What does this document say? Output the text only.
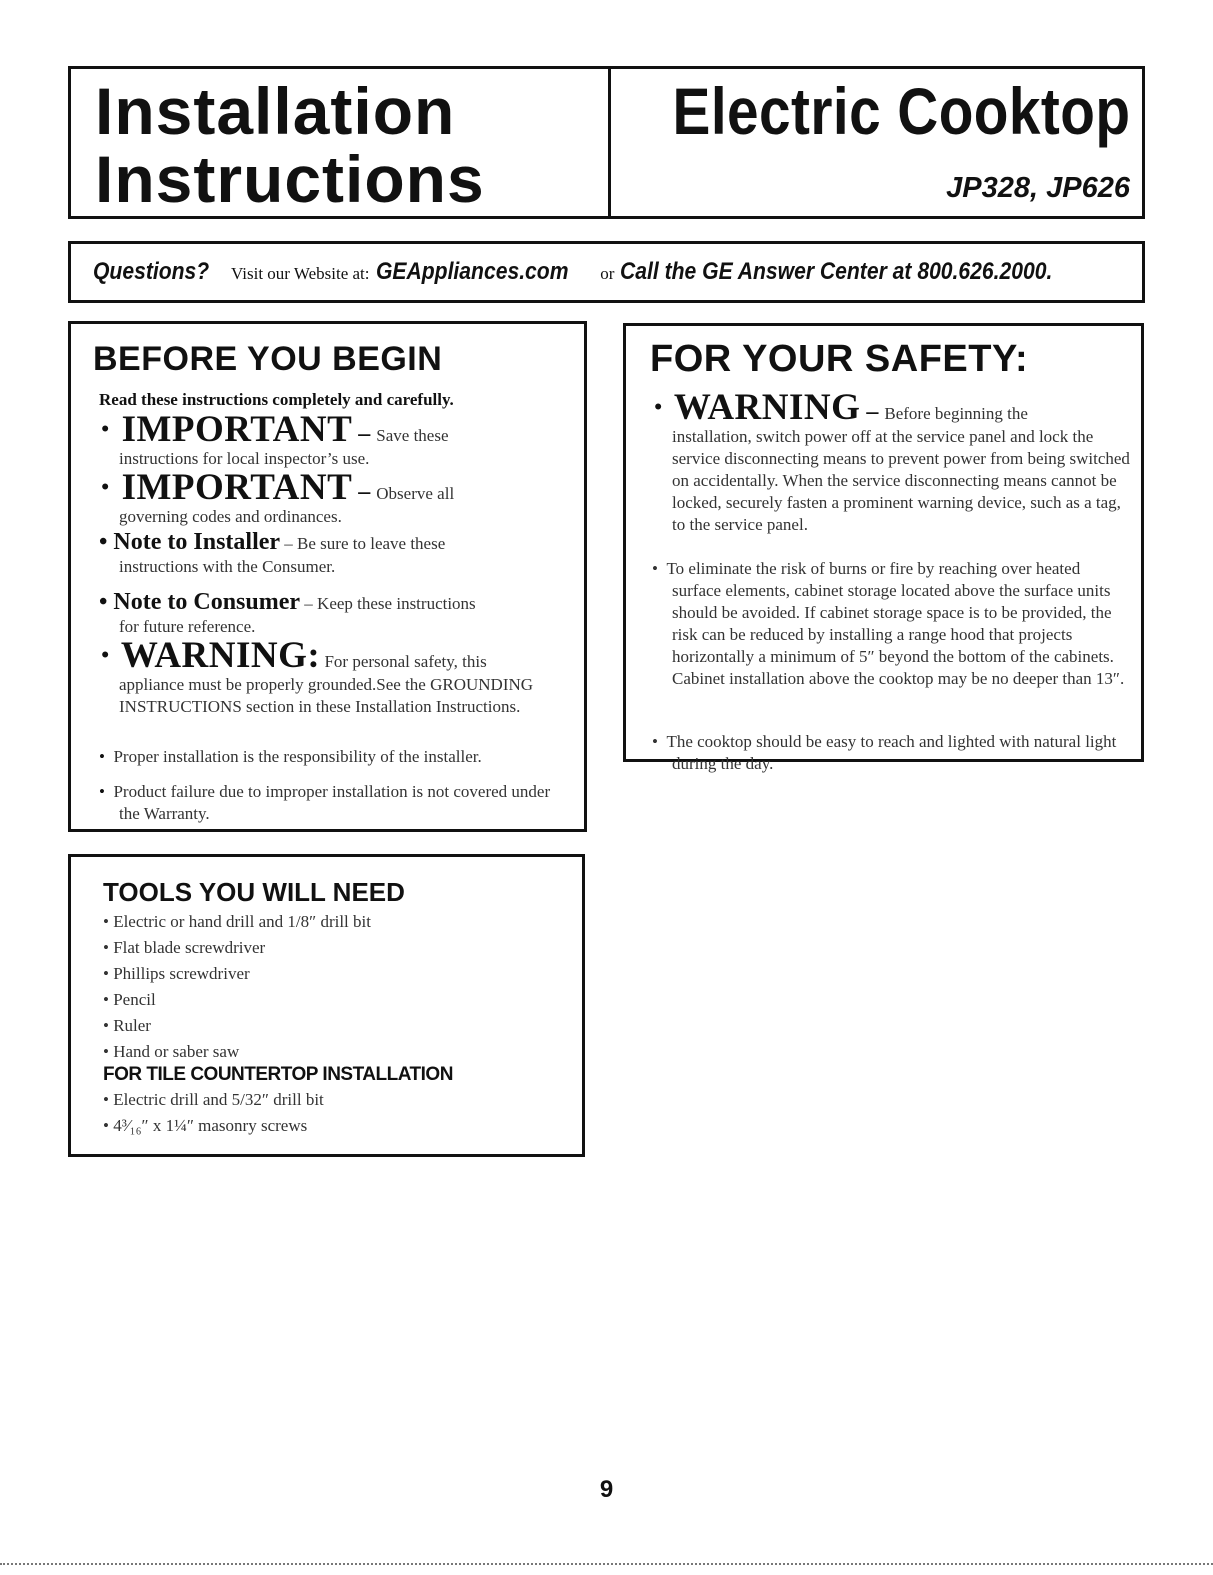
Installation
Instructions
Electric Cooktop
JP328, JP626
Questions? Visit our Website at: GEAppliances.com or Call the GE Answer Center at 800.626.2000.
BEFORE YOU BEGIN
Read these instructions completely and carefully.
· IMPORTANT – Save these
instructions for local inspector’s use.
· IMPORTANT – Observe all
governing codes and ordinances.
• Note to Installer – Be sure to leave these
instructions with the Consumer.
• Note to Consumer – Keep these instructions
for future reference.
· WARNING: For personal safety, this
appliance must be properly grounded.See the GROUNDING INSTRUCTIONS section in these Installation Instructions.
•  Proper installation is the responsibility of the installer.
•  Product failure due to improper installation is not covered under the Warranty.
FOR YOUR SAFETY:
· WARNING – Before beginning the
installation, switch power off at the service panel and lock the service disconnecting means to prevent power from being switched on accidentally. When the service disconnecting means cannot be locked, securely fasten a prominent warning device, such as a tag, to the service panel.
•  To eliminate the risk of burns or fire by reaching over heated surface elements, cabinet storage located above the surface units should be avoided. If cabinet storage space is to be provided, the risk can be reduced by installing a range hood that projects horizontally a minimum of 5″ beyond the bottom of the cabinets. Cabinet installation above the cooktop may be no deeper than 13″.
•  The cooktop should be easy to reach and lighted with natural light during the day.
TOOLS YOU WILL NEED
• Electric or hand drill and 1/8″ drill bit
• Flat blade screwdriver
• Phillips screwdriver
• Pencil
• Ruler
• Hand or saber saw
FOR TILE COUNTERTOP INSTALLATION
• Electric drill and 5/32″ drill bit
• 4³⁄₁₆″ x 1¼″ masonry screws
9
